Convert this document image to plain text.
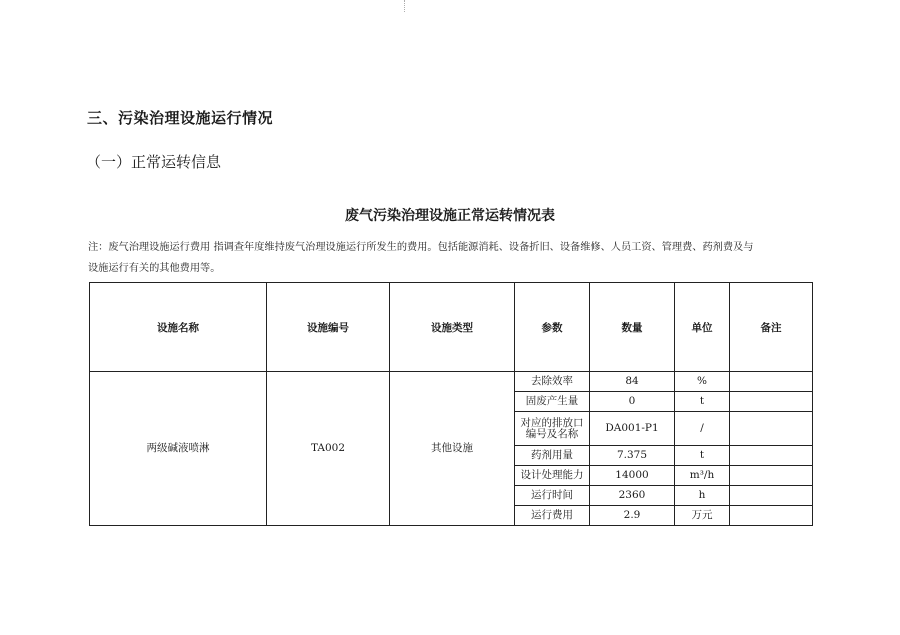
三、污染治理设施运行情况
（一）正常运转信息
废气污染治理设施正常运转情况表
注：废气治理设施运行费用 指调查年度维持废气治理设施运行所发生的费用。包括能源消耗、设备折旧、设备维修、人员工资、管理费、药剂费及与
设施运行有关的其他费用等。
设施名称	设施编号	设施类型	参数	数量	单位	备注
两级碱液喷淋	TA002	其他设施	去除效率	84	%	
			固废产生量	0	t	
			对应的排放口编号及名称	DA001-P1	/	
			药剂用量	7.375	t	
			设计处理能力	14000	m³/h	
			运行时间	2360	h	
			运行费用	2.9	万元	
